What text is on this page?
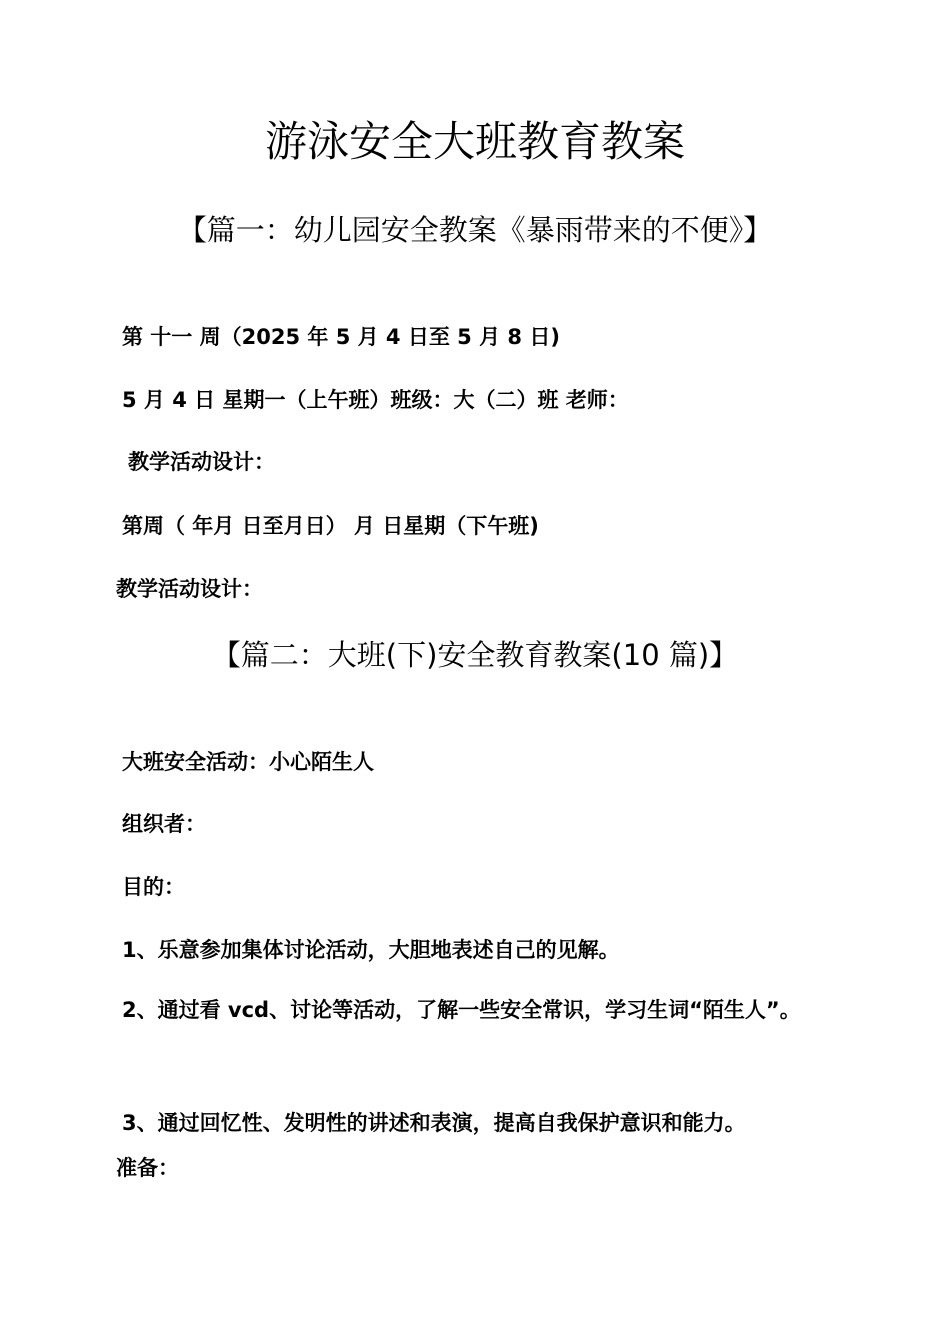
游泳安全大班教育教案
【篇一：幼儿园安全教案《暴雨带来的不便》】
第 十一 周（2025 年 5 月 4 日至 5 月 8 日)
5 月 4 日 星期一（上午班）班级：大（二）班 老师：
教学活动设计：
第周（ 年月 日至月日） 月 日星期（下午班)
教学活动设计：
【篇二：大班(下)安全教育教案(10 篇)】
大班安全活动：小心陌生人
组织者：
目的：
1、乐意参加集体讨论活动，大胆地表述自己的见解。
2、通过看 vcd、讨论等活动，了解一些安全常识，学习生词“陌生人”。
3、通过回忆性、发明性的讲述和表演，提高自我保护意识和能力。
准备：
